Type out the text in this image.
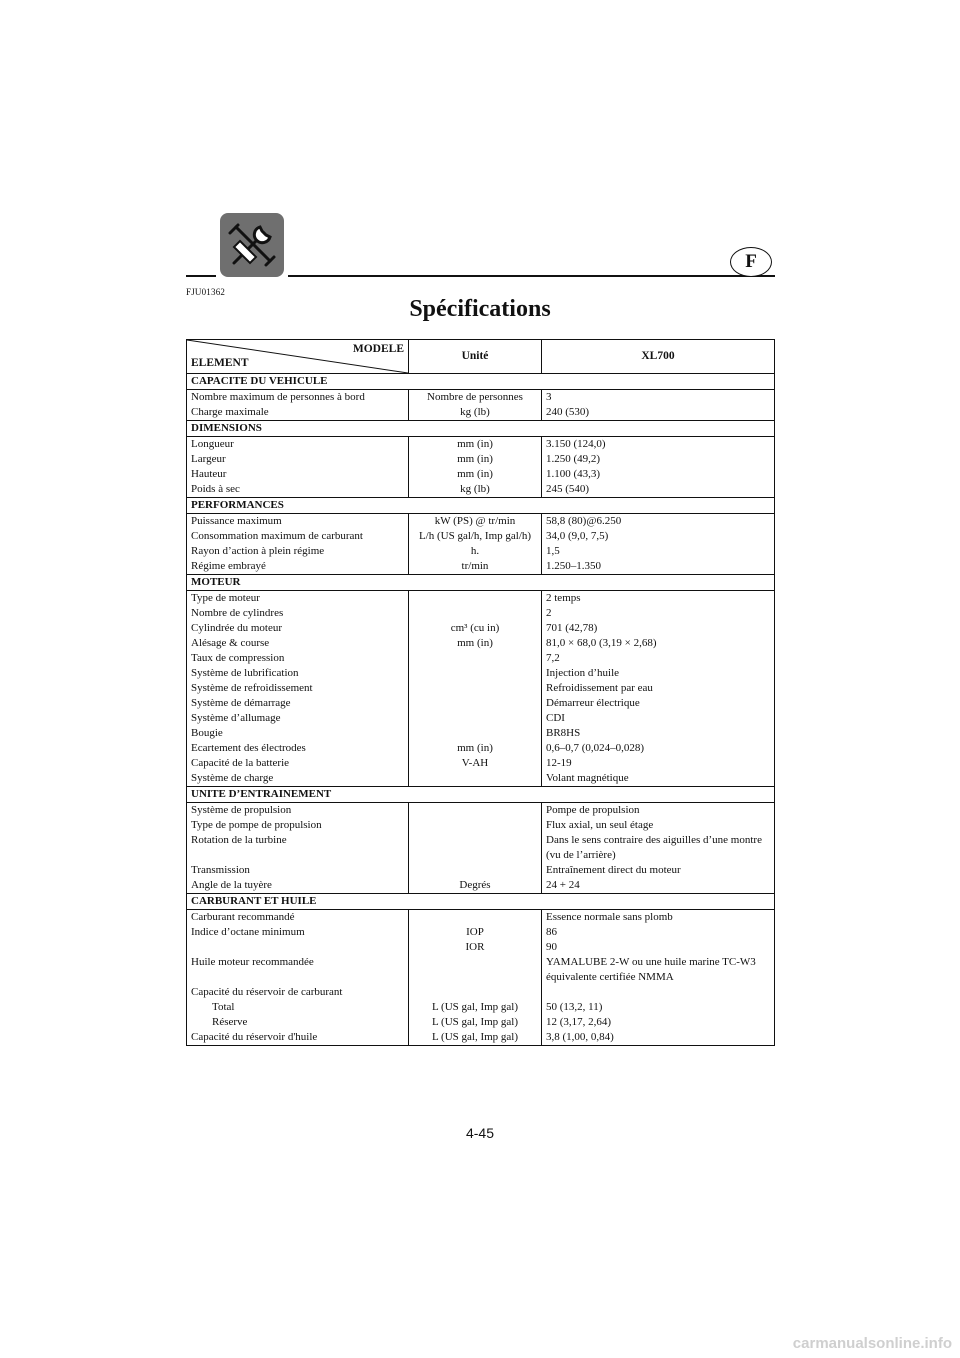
F
FJU01362
Spécifications
MODELE
ELEMENT	Unité	XL700
CAPACITE DU VEHICULE		
Nombre maximum de personnes à bord	Nombre de personnes	3
Charge maximale	kg (lb)	240 (530)
DIMENSIONS		
Longueur	mm (in)	3.150 (124,0)
Largeur	mm (in)	1.250 (49,2)
Hauteur	mm (in)	1.100 (43,3)
Poids à sec	kg (lb)	245 (540)
PERFORMANCES		
Puissance maximum	kW (PS) @ tr/min	58,8 (80)@6.250
Consommation maximum de carburant	L/h (US gal/h, Imp gal/h)	34,0 (9,0, 7,5)
Rayon d’action à plein régime	h.	1,5
Régime embrayé	tr/min	1.250–1.350
MOTEUR		
Type de moteur		2 temps
Nombre de cylindres		2
Cylindrée du moteur	cm³ (cu in)	701 (42,78)
Alésage & course	mm (in)	81,0 × 68,0 (3,19 × 2,68)
Taux de compression		7,2
Système de lubrification		Injection d’huile
Système de refroidissement		Refroidissement par eau
Système de démarrage		Démarreur électrique
Système d’allumage		CDI
Bougie		BR8HS
Ecartement des électrodes	mm (in)	0,6–0,7 (0,024–0,028)
Capacité de la batterie	V-AH	12-19
Système de charge		Volant magnétique
UNITE D’ENTRAINEMENT		
Système de propulsion		Pompe de propulsion
Type de pompe de propulsion		Flux axial, un seul étage
Rotation de la turbine		Dans le sens contraire des aiguilles d’une montre
		(vu de l’arrière)
Transmission		Entraînement direct du moteur
Angle de la tuyère	Degrés	24 + 24
CARBURANT ET HUILE		
Carburant recommandé		Essence normale sans plomb
Indice d’octane minimum	IOP	86
	IOR	90
Huile moteur recommandée		YAMALUBE 2-W ou une huile marine TC-W3
		équivalente certifiée NMMA
Capacité du réservoir de carburant		
Total	L (US gal, Imp gal)	50 (13,2, 11)
Réserve	L (US gal, Imp gal)	12 (3,17, 2,64)
Capacité du réservoir d'huile	L (US gal, Imp gal)	3,8 (1,00, 0,84)
4-45
carmanualsonline.info
